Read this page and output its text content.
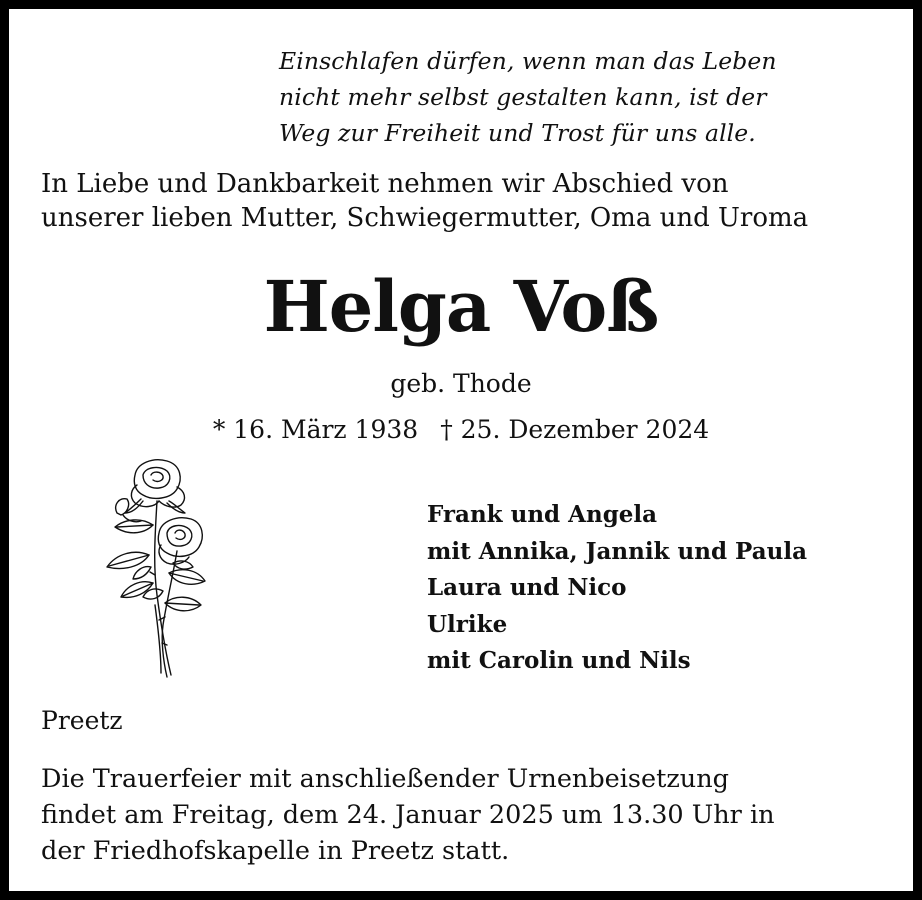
Einschlafen dürfen, wenn man das Leben
nicht mehr selbst gestalten kann, ist der
Weg zur Freiheit und Trost für uns alle.
In Liebe und Dankbarkeit nehmen wir Abschied von
unserer lieben Mutter, Schwiegermutter, Oma und Uroma
Helga Voß
geb. Thode
* 16. März 1938 † 25. Dezember 2024
Frank und Angela
mit Annika, Jannik und Paula
Laura und Nico
Ulrike
mit Carolin und Nils
Preetz
Die Trauerfeier mit anschließender Urnenbeisetzung
findet am Freitag, dem 24. Januar 2025 um 13.30 Uhr in
der Friedhofskapelle in Preetz statt.
